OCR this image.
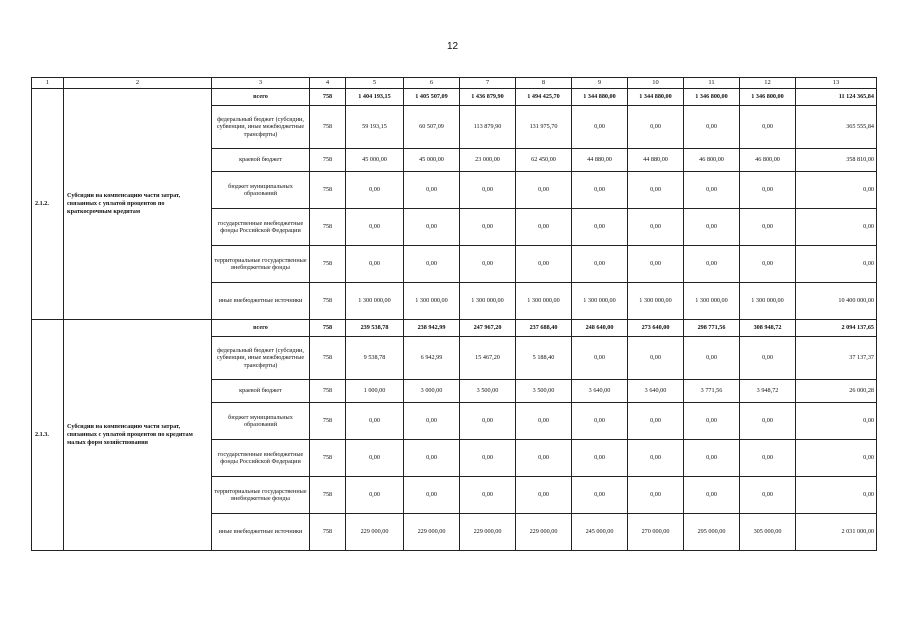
12
1	2	3	4	5	6	7	8	9	10	11	12	13
2.1.2.	Субсидии на компенсацию части затрат, связанных с уплатой процентов по краткосрочным кредитам	всего	758	1 404 193,15	1 405 507,09	1 436 879,90	1 494 425,70	1 344 880,00	1 344 880,00	1 346 800,00	1 346 800,00	11 124 365,84
		федеральный бюджет (субсидии, субвенции, иные межбюджетные трансферты)	758	59 193,15	60 507,09	113 879,90	131 975,70	0,00	0,00	0,00	0,00	365 555,84
		краевой бюджет	758	45 000,00	45 000,00	23 000,00	62 450,00	44 880,00	44 880,00	46 800,00	46 800,00	358 810,00
		бюджет муниципальных образований	758	0,00	0,00	0,00	0,00	0,00	0,00	0,00	0,00	0,00
		государственные внебюджетные фонды Российской Федерации	758	0,00	0,00	0,00	0,00	0,00	0,00	0,00	0,00	0,00
		территориальные государственные внебюджетные фонды	758	0,00	0,00	0,00	0,00	0,00	0,00	0,00	0,00	0,00
		иные внебюджетные источники	758	1 300 000,00	1 300 000,00	1 300 000,00	1 300 000,00	1 300 000,00	1 300 000,00	1 300 000,00	1 300 000,00	10 400 000,00
2.1.3.	Субсидии на компенсацию части затрат, связанных с уплатой процентов по кредитам малых форм хозяйствования	всего	758	239 538,78	238 942,99	247 967,20	237 688,40	248 640,00	273 640,00	298 771,56	308 948,72	2 094 137,65
		федеральный бюджет (субсидии, субвенции, иные межбюджетные трансферты)	758	9 538,78	6 942,99	15 467,20	5 188,40	0,00	0,00	0,00	0,00	37 137,37
		краевой бюджет	758	1 000,00	3 000,00	3 500,00	3 500,00	3 640,00	3 640,00	3 771,56	3 948,72	26 000,28
		бюджет муниципальных образований	758	0,00	0,00	0,00	0,00	0,00	0,00	0,00	0,00	0,00
		государственные внебюджетные фонды Российской Федерации	758	0,00	0,00	0,00	0,00	0,00	0,00	0,00	0,00	0,00
		территориальные государственные внебюджетные фонды	758	0,00	0,00	0,00	0,00	0,00	0,00	0,00	0,00	0,00
		иные внебюджетные источники	758	229 000,00	229 000,00	229 000,00	229 000,00	245 000,00	270 000,00	295 000,00	305 000,00	2 031 000,00
